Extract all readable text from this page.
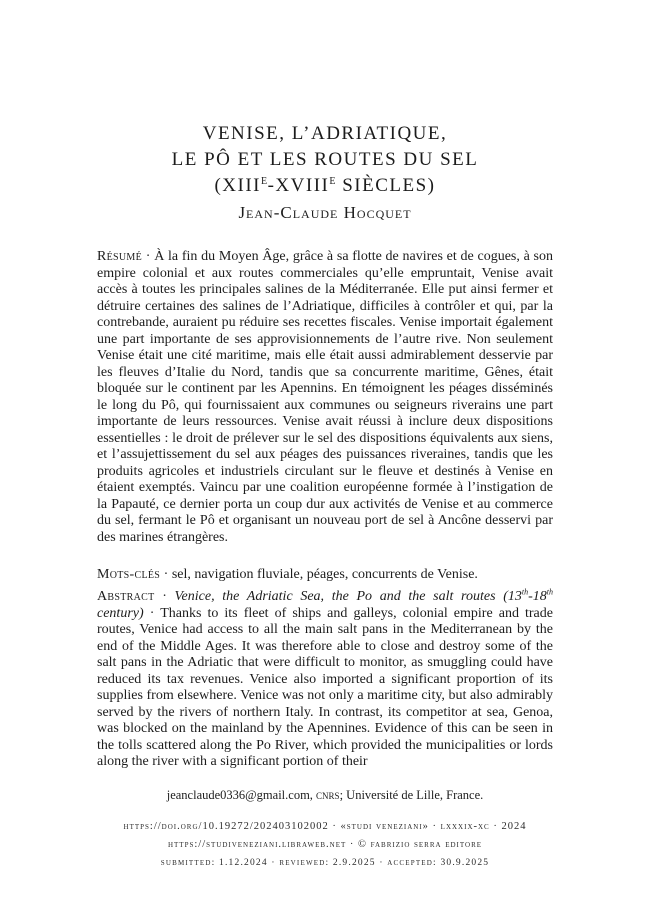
VENISE, L’ADRIATIQUE,
LE PÔ ET LES ROUTES DU SEL
($XIII^E-XVIII^E$ SIÈCLES)
Jean-Claude Hocquet

Résumé · À la fin du Moyen Âge, grâce à sa flotte de navires et de cogues, à son empire colonial et aux routes commerciales qu’elle empruntait, Venise avait accès à toutes les principales salines de la Méditerranée. Elle put ainsi fermer et détruire certaines des salines de l’Adriatique, difficiles à contrôler et qui, par la contrebande, auraient pu réduire ses recettes fiscales. Venise importait également une part importante de ses approvisionnements de l’autre rive. Non seulement Venise était une cité maritime, mais elle était aussi admirablement desservie par les fleuves d’Italie du Nord, tandis que sa concurrente maritime, Gênes, était bloquée sur le continent par les Apennins. En témoignent les péages disséminés le long du Pô, qui fournissaient aux communes ou seigneurs riverains une part importante de leurs ressources. Venise avait réussi à inclure deux dispositions essentielles : le droit de prélever sur le sel des dispositions équivalents aux siens, et l’assujettissement du sel aux péages des puissances riveraines, tandis que les produits agricoles et industriels circulant sur le fleuve et destinés à Venise en étaient exemptés. Vaincu par une coalition européenne formée à l’instigation de la Papauté, ce dernier porta un coup dur aux activités de Venise et au commerce du sel, fermant le Pô et organisant un nouveau port de sel à Ancône desservi par des marines étrangères.

Mots-clés · sel, navigation fluviale, péages, concurrents de Venise.

Abstract · Venice, the Adriatic Sea, the Po and the salt routes (13th-18th century) · Thanks to its fleet of ships and galleys, colonial empire and trade routes, Venice had access to all the main salt pans in the Mediterranean by the end of the Middle Ages. It was therefore able to close and destroy some of the salt pans in the Adriatic that were difficult to monitor, as smuggling could have reduced its tax revenues. Venice also imported a significant proportion of its supplies from elsewhere. Venice was not only a maritime city, but also admirably served by the rivers of northern Italy. In contrast, its competitor at sea, Genoa, was blocked on the mainland by the Apennines. Evidence of this can be seen in the tolls scattered along the Po River, which provided the municipalities or lords along the river with a significant portion of their

jeanclaude0336@gmail.com, cnrs; Université de Lille, France.
https://doi.org/10.19272/202403102002 · «studi veneziani» · lxxxix-xc · 2024
https://studiveneziani.libraweb.net · © fabrizio serra editore
submitted: 1.12.2024 · reviewed: 2.9.2025 · accepted: 30.9.2025
